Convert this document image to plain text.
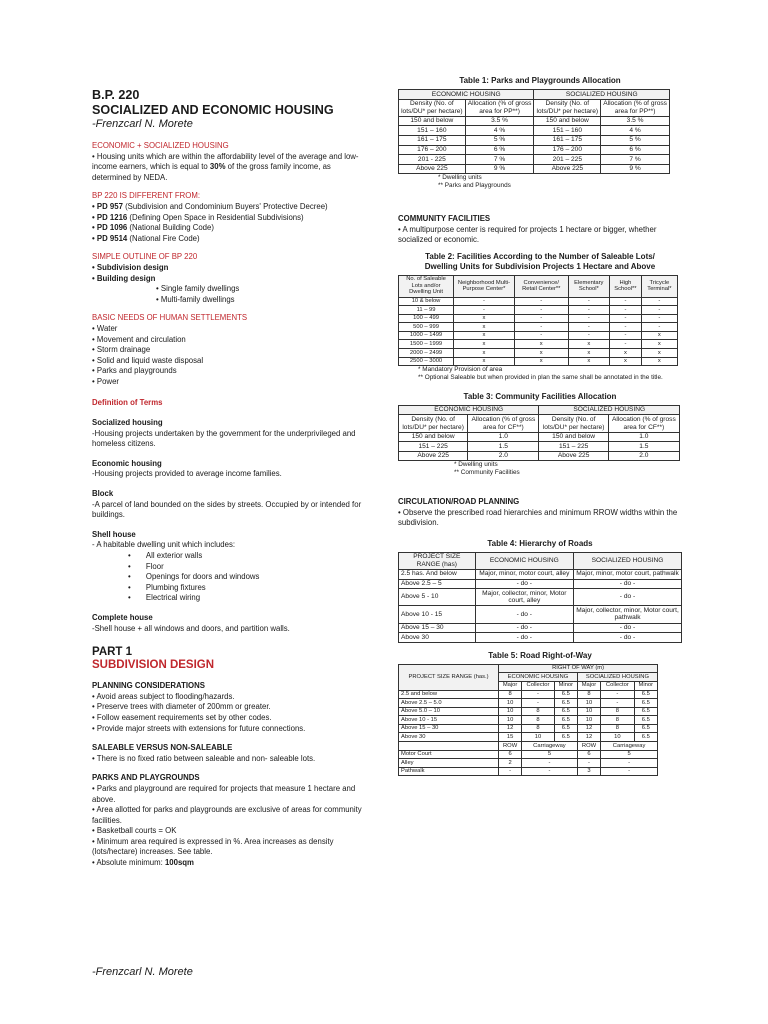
B.P. 220

SOCIALIZED AND ECONOMIC HOUSING

-Frenzcarl N. Morete

ECONOMIC + SOCIALIZED HOUSING
• Housing units which are within the affordability level of the average and low-income earners, which is equal to 30% of the gross family income, as determined by NEDA.
BP 220 IS DIFFERENT FROM:
• PD 957 (Subdivision and Condominium Buyers' Protective Decree)
• PD 1216 (Defining Open Space in Residential Subdivisions)
• PD 1096 (National Building Code)
• PD 9514 (National Fire Code)
SIMPLE OUTLINE OF BP 220
• Subdivision design
• Building design
• Single family dwellings
• Multi-family dwellings
BASIC NEEDS OF HUMAN SETTLEMENTS
• Water
• Movement and circulation
• Storm drainage
• Solid and liquid waste disposal
• Parks and playgrounds
• Power
Definition of Terms
Socialized housing
-Housing projects undertaken by the government for the underprivileged and homeless citizens.
Economic housing
-Housing projects provided to average income families.
Block
-A parcel of land bounded on the sides by streets. Occupied by or intended for buildings.
Shell house
- A habitable dwelling unit which includes:
•       All exterior walls
•       Floor
•       Openings for doors and windows
•       Plumbing fixtures
•       Electrical wiring
Complete house
-Shell house + all windows and doors, and partition walls.
PART 1
SUBDIVISION DESIGN
PLANNING CONSIDERATIONS
• Avoid areas subject to flooding/hazards.
• Preserve trees with diameter of 200mm or greater.
• Follow easement requirements set by other codes.
• Provide major streets with extensions for future connections.
SALEABLE VERSUS NON-SALEABLE
• There is no fixed ratio between saleable and non- saleable lots.
PARKS AND PLAYGROUNDS
• Parks and playground are required for projects that measure 1 hectare and above.
• Area allotted for parks and playgrounds are exclusive of areas for community facilities.
• Basketball courts = OK
• Minimum area required is expressed in %. Area increases as density (lots/hectare) increases. See table.
• Absolute minimum: 100sqm
-Frenzcarl N. Morete
Table 1: Parks and Playgrounds Allocation
ECONOMIC HOUSING		SOCIALIZED HOUSING	
Density (No. of lots/DU* per hectare)	Allocation (% of gross area for PP**)	Density (No. of lots/DU* per hectare)	Allocation (% of gross area for PP**)
150 and below	3.5 %	150 and below	3.5 %
151 – 160	4 %	151 – 160	4 %
161 – 175	5 %	161 – 175	5 %
176 – 200	6 %	176 – 200	6 %
201 - 225	7 %	201 – 225	7 %
Above 225	9 %	Above 225	9 %
* Dwelling units
** Parks and Playgrounds
COMMUNITY FACILITIES
• A multipurpose center is required for projects 1 hectare or bigger, whether socialized or economic.
Table 2: Facilities According to the Number of Saleable Lots/
Dwelling Units for Subdivision Projects 1 Hectare and Above
No. of Saleable Lots and/or Dwelling Unit	Neighborhood Multi-Purpose Center*	Convenience/ Retail Center**	Elementary School*	High School**	Tricycle Terminal*
10 & below	-	-	-	-	-
11 – 99	-	-	-	-	-
100 – 499	x	-	-	-	-
500 – 999	x	-	-	-	-
1000 – 1499	x	-	-	-	x
1500 – 1999	x	x	x	-	x
2000 – 2499	x	x	x	x	x
2500 – 3000	x	x	x	x	x
* Mandatory Provision of area
** Optional Saleable but when provided in plan the same shall be annotated in the title.
Table 3: Community Facilities Allocation
ECONOMIC HOUSING		SOCIALIZED HOUSING	
Density (No. of lots/DU* per hectare)	Allocation (% of gross area for CF**)	Density (No. of lots/DU* per hectare)	Allocation (% of gross area for CF**)
150 and below	1.0	150 and below	1.0
151 – 225	1.5	151 – 225	1.5
Above 225	2.0	Above 225	2.0
* Dwelling units
** Community Facilities
CIRCULATION/ROAD PLANNING
• Observe the prescribed road hierarchies and minimum RROW widths within the subdivision.
Table 4: Hierarchy of Roads
PROJECT SIZE RANGE (has)	ECONOMIC HOUSING	SOCIALIZED HOUSING
2.5 has. And below	Major, minor, motor court, alley	Major, minor, motor court, pathwalk
Above 2.5 – 5	- do -	- do -
Above 5 - 10	Major, collector, minor, Motor court, alley	- do -
Above 10 - 15	- do -	Major, collector, minor, Motor court, pathwalk
Above 15 – 30	- do -	- do -
Above 30	- do -	- do -
Table 5: Road Right-of-Way
PROJECT SIZE RANGE (has.)	RIGHT OF WAY (m)					
	ECONOMIC HOUSING			SOCIALIZED HOUSING		
	Major	Collector	Minor	Major	Collector	Minor
2.5 and below	8	-	6.5	8	-	6.5
Above 2.5 – 5.0	10	-	6.5	10	-	6.5
Above 5.0 – 10	10	8	6.5	10	8	6.5
Above 10 - 15	10	8	6.5	10	8	6.5
Above 15 – 30	12	8	6.5	12	8	6.5
Above 30	15	10	6.5	12	10	6.5
	ROW	Carriageway		ROW	Carriageway	
Motor Court	6	5		6	5	
Alley	2	-		-	-	
Pathwalk	-	-		3	-	
